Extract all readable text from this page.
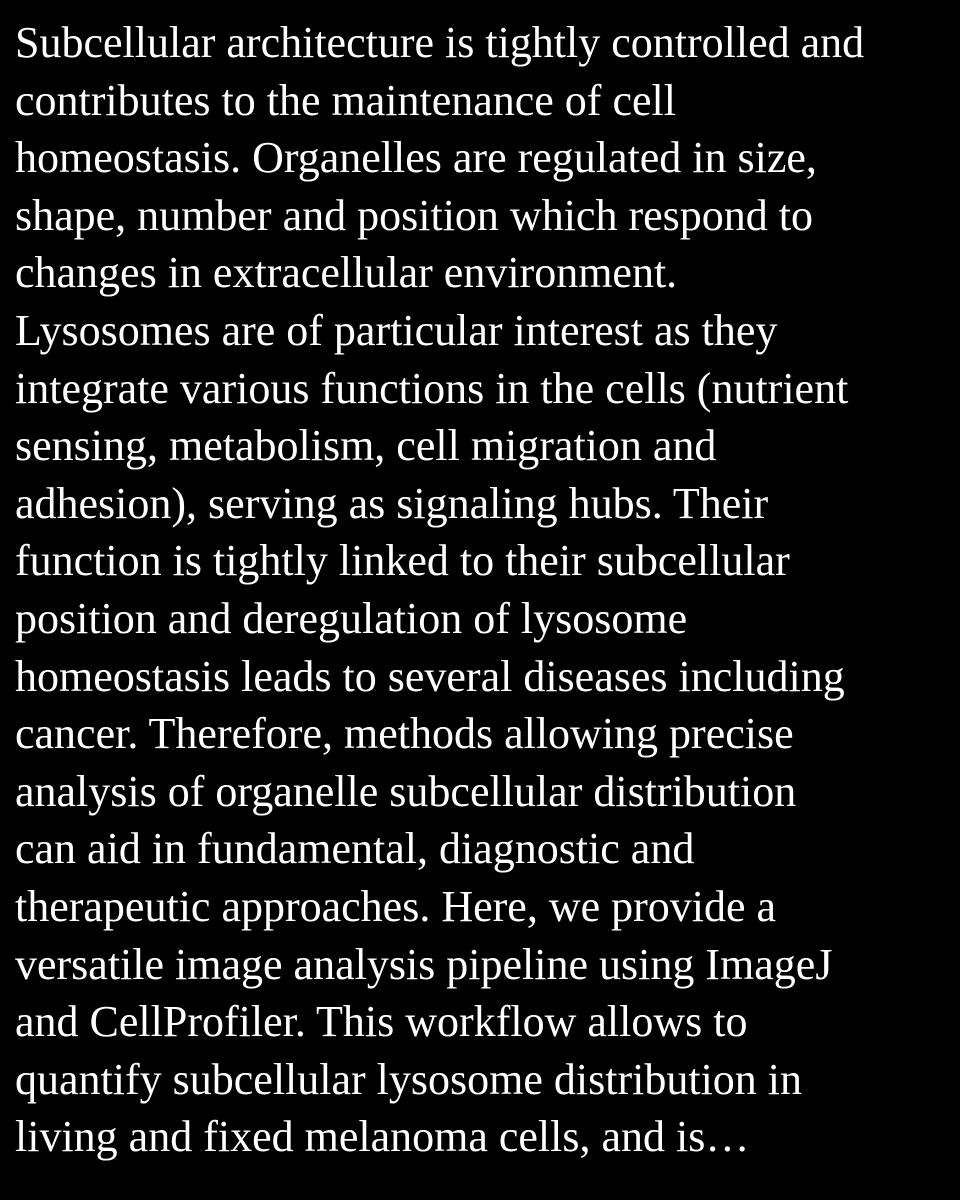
Subcellular architecture is tightly controlled and
contributes to the maintenance of cell
homeostasis. Organelles are regulated in size,
shape, number and position which respond to
changes in extracellular environment.
Lysosomes are of particular interest as they
integrate various functions in the cells (nutrient
sensing, metabolism, cell migration and
adhesion), serving as signaling hubs. Their
function is tightly linked to their subcellular
position and deregulation of lysosome
homeostasis leads to several diseases including
cancer. Therefore, methods allowing precise
analysis of organelle subcellular distribution
can aid in fundamental, diagnostic and
therapeutic approaches. Here, we provide a
versatile image analysis pipeline using ImageJ
and CellProfiler. This workflow allows to
quantify subcellular lysosome distribution in
living and fixed melanoma cells, and is…
